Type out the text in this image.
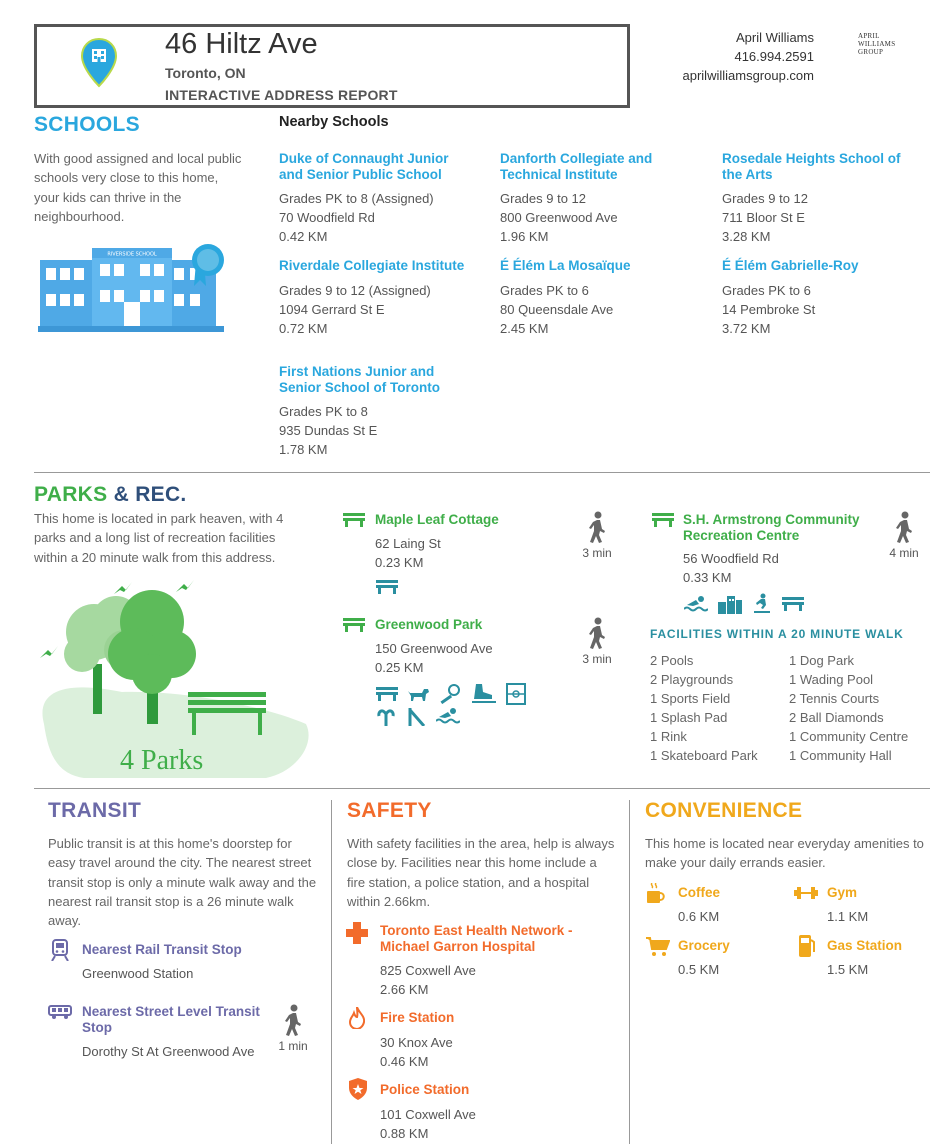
46 Hiltz Ave
Toronto, ON
INTERACTIVE ADDRESS REPORT
April Williams
416.994.2591
aprilwilliamsgroup.com
APRIL
WILLIAMS
GROUP
SCHOOLS	Nearby Schools
With good assigned and local public schools very close to this home, your kids can thrive in the neighbourhood.
RIVERSIDE SCHOOL
Duke of Connaught Junior and Senior Public School
Grades PK to 8 (Assigned)
70 Woodfield Rd
0.42 KM
Danforth Collegiate and Technical Institute
Grades 9 to 12
800 Greenwood Ave
1.96 KM
Rosedale Heights School of the Arts
Grades 9 to 12
711 Bloor St E
3.28 KM
Riverdale Collegiate Institute
Grades 9 to 12 (Assigned)
1094 Gerrard St E
0.72 KM
É Élém La Mosaïque
Grades PK to 6
80 Queensdale Ave
2.45 KM
É Élém Gabrielle-Roy
Grades PK to 6
14 Pembroke St
3.72 KM
First Nations Junior and Senior School of Toronto
Grades PK to 8
935 Dundas St E
1.78 KM
PARKS & REC.
This home is located in park heaven, with 4 parks and a long list of recreation facilities within a 20 minute walk from this address.
4 Parks
Maple Leaf Cottage
62 Laing St
0.23 KM
3 min
Greenwood Park
150 Greenwood Ave
0.25 KM
3 min
S.H. Armstrong Community Recreation Centre
56 Woodfield Rd
0.33 KM
4 min
FACILITIES WITHIN A 20 MINUTE WALK
2 Pools
2 Playgrounds
1 Sports Field
1 Splash Pad
1 Rink
1 Skateboard Park
1 Dog Park
1 Wading Pool
2 Tennis Courts
2 Ball Diamonds
1 Community Centre
1 Community Hall
TRANSIT
Public transit is at this home's doorstep for easy travel around the city. The nearest street transit stop is only a minute walk away and the nearest rail transit stop is a 26 minute walk away.
Nearest Rail Transit Stop
Greenwood Station
Nearest Street Level Transit Stop
Dorothy St At Greenwood Ave	1 min
SAFETY
With safety facilities in the area, help is always close by. Facilities near this home include a fire station, a police station, and a hospital within 2.66km.
Toronto East Health Network - Michael Garron Hospital
825 Coxwell Ave
2.66 KM
Fire Station
30 Knox Ave
0.46 KM
Police Station
101 Coxwell Ave
0.88 KM
CONVENIENCE
This home is located near everyday amenities to make your daily errands easier.
Coffee
0.6 KM
Gym
1.1 KM
Grocery
0.5 KM
Gas Station
1.5 KM
